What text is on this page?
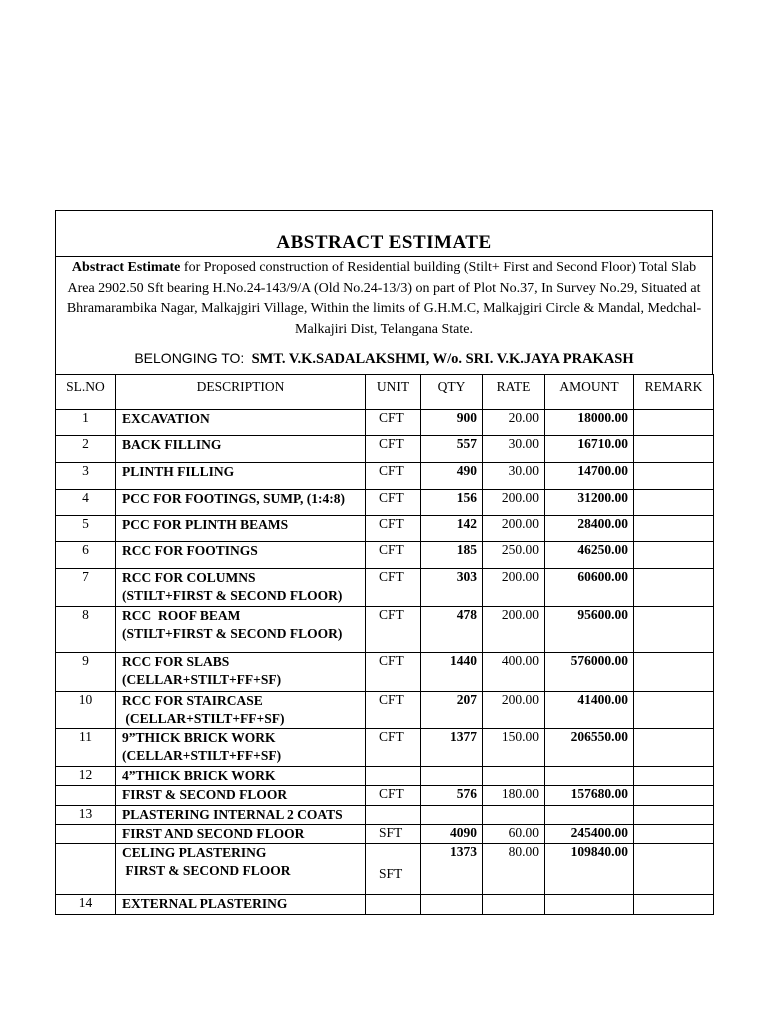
ABSTRACT ESTIMATE
Abstract Estimate for Proposed construction of Residential building (Stilt+ First and Second Floor) Total Slab Area 2902.50 Sft bearing H.No.24-143/9/A (Old No.24-13/3) on part of Plot No.37, In Survey No.29, Situated at Bhramarambika Nagar, Malkajgiri Village, Within the limits of G.H.M.C, Malkajgiri Circle & Mandal, Medchal-Malkajiri Dist, Telangana State.
BELONGING TO: SMT. V.K.SADALAKSHMI, W/o. SRI. V.K.JAYA PRAKASH
SL.NO	DESCRIPTION	UNIT	QTY	RATE	AMOUNT	REMARK
1	EXCAVATION	CFT	900	20.00	18000.00	
2	BACK FILLING	CFT	557	30.00	16710.00	
3	PLINTH FILLING	CFT	490	30.00	14700.00	
4	PCC FOR FOOTINGS, SUMP, (1:4:8)	CFT	156	200.00	31200.00	
5	PCC FOR PLINTH BEAMS	CFT	142	200.00	28400.00	
6	RCC FOR FOOTINGS	CFT	185	250.00	46250.00	
7	RCC FOR COLUMNS
(STILT+FIRST & SECOND FLOOR)	CFT	303	200.00	60600.00	
8	RCC  ROOF BEAM
(STILT+FIRST & SECOND FLOOR)	CFT	478	200.00	95600.00	
9	RCC FOR SLABS
(CELLAR+STILT+FF+SF)	CFT	1440	400.00	576000.00	
10	RCC FOR STAIRCASE
(CELLAR+STILT+FF+SF)	CFT	207	200.00	41400.00	
11	9”THICK BRICK WORK
(CELLAR+STILT+FF+SF)	CFT	1377	150.00	206550.00	
12	4”THICK BRICK WORK					

	FIRST & SECOND FLOOR	CFT	576	180.00	157680.00	
13	PLASTERING INTERNAL 2 COATS					

	FIRST AND SECOND FLOOR	SFT	4090	60.00	245400.00	

	CELING PLASTERING
FIRST & SECOND FLOOR	SFT	1373	80.00	109840.00	
14	EXTERNAL PLASTERING					
